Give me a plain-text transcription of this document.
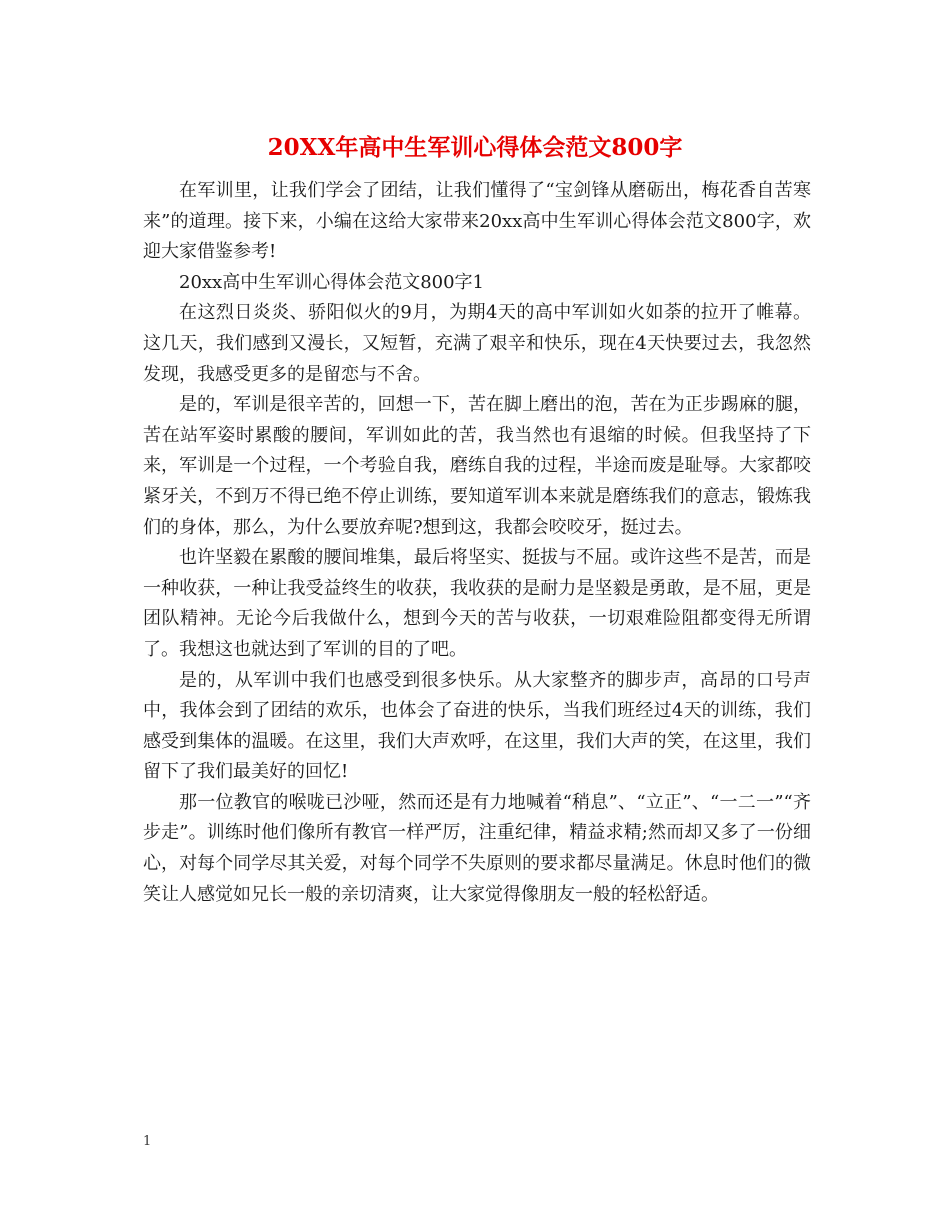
20XX年高中生军训心得体会范文800字

在军训里，让我们学会了团结，让我们懂得了“宝剑锋从磨砺出，梅花香自苦寒来”的道理。接下来，小编在这给大家带来20xx高中生军训心得体会范文800字，欢迎大家借鉴参考!

20xx高中生军训心得体会范文800字1

在这烈日炎炎、骄阳似火的9月，为期4天的高中军训如火如荼的拉开了帷幕。这几天，我们感到又漫长，又短暂，充满了艰辛和快乐，现在4天快要过去，我忽然发现，我感受更多的是留恋与不舍。

是的，军训是很辛苦的，回想一下，苦在脚上磨出的泡，苦在为正步踢麻的腿，苦在站军姿时累酸的腰间，军训如此的苦，我当然也有退缩的时候。但我坚持了下来，军训是一个过程，一个考验自我，磨练自我的过程，半途而废是耻辱。大家都咬紧牙关，不到万不得已绝不停止训练，要知道军训本来就是磨练我们的意志，锻炼我们的身体，那么，为什么要放弃呢?想到这，我都会咬咬牙，挺过去。

也许坚毅在累酸的腰间堆集，最后将坚实、挺拔与不屈。或许这些不是苦，而是一种收获，一种让我受益终生的收获，我收获的是耐力是坚毅是勇敢，是不屈，更是团队精神。无论今后我做什么，想到今天的苦与收获，一切艰难险阻都变得无所谓了。我想这也就达到了军训的目的了吧。

是的，从军训中我们也感受到很多快乐。从大家整齐的脚步声，高昂的口号声中，我体会到了团结的欢乐，也体会了奋进的快乐，当我们班经过4天的训练，我们感受到集体的温暖。在这里，我们大声欢呼，在这里，我们大声的笑，在这里，我们留下了我们最美好的回忆!

那一位教官的喉咙已沙哑，然而还是有力地喊着“稍息”、“立正”、“一二一”“齐步走”。训练时他们像所有教官一样严厉，注重纪律，精益求精;然而却又多了一份细心，对每个同学尽其关爱，对每个同学不失原则的要求都尽量满足。休息时他们的微笑让人感觉如兄长一般的亲切清爽，让大家觉得像朋友一般的轻松舒适。

1
